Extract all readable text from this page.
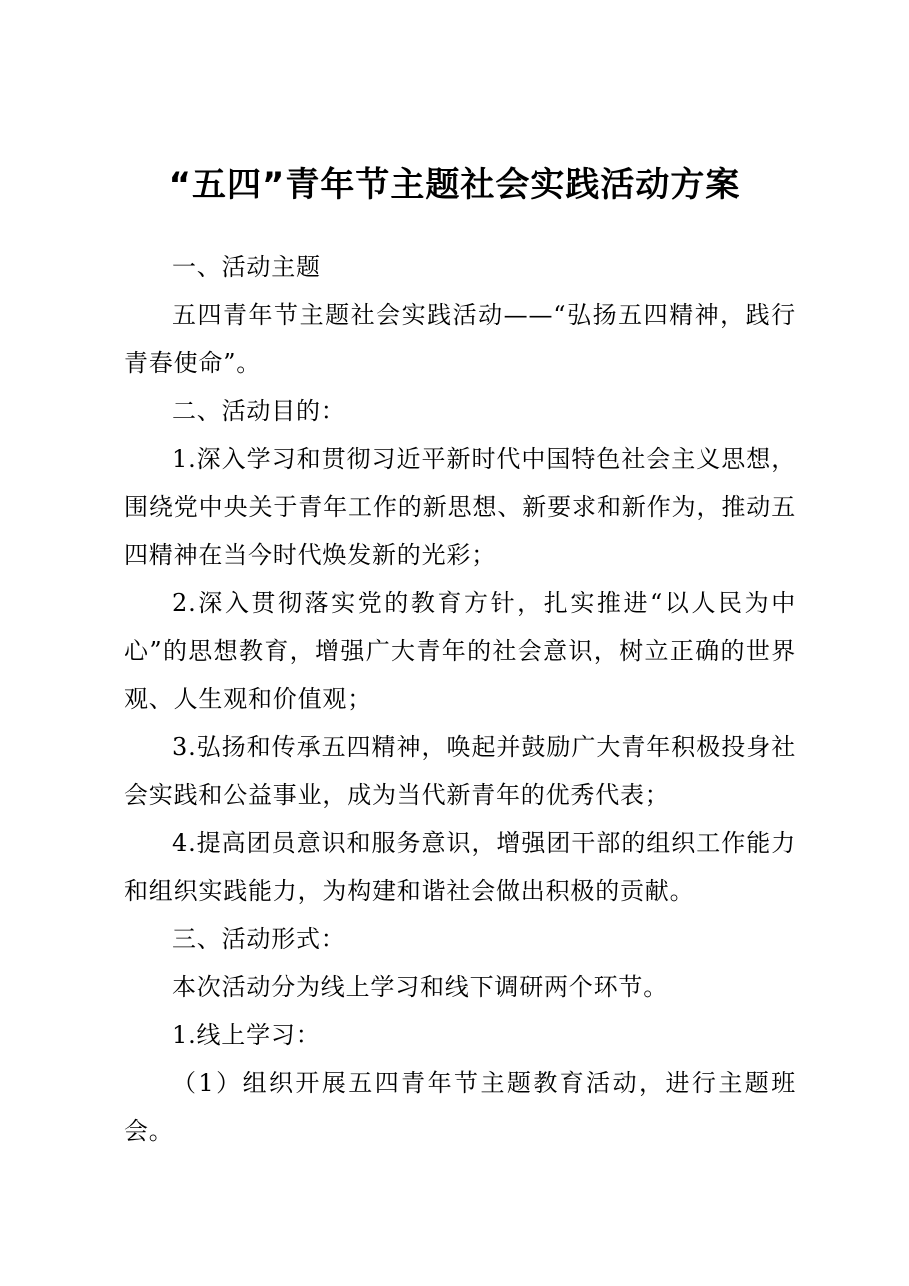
“五四”青年节主题社会实践活动方案

一、活动主题

五四青年节主题社会实践活动——“弘扬五四精神，践行青春使命”。

二、活动目的：

1.深入学习和贯彻习近平新时代中国特色社会主义思想，围绕党中央关于青年工作的新思想、新要求和新作为，推动五四精神在当今时代焕发新的光彩；

2.深入贯彻落实党的教育方针，扎实推进“以人民为中心”的思想教育，增强广大青年的社会意识，树立正确的世界观、人生观和价值观；

3.弘扬和传承五四精神，唤起并鼓励广大青年积极投身社会实践和公益事业，成为当代新青年的优秀代表；

4.提高团员意识和服务意识，增强团干部的组织工作能力和组织实践能力，为构建和谐社会做出积极的贡献。

三、活动形式：

本次活动分为线上学习和线下调研两个环节。

1.线上学习：

（1）组织开展五四青年节主题教育活动，进行主题班会。
